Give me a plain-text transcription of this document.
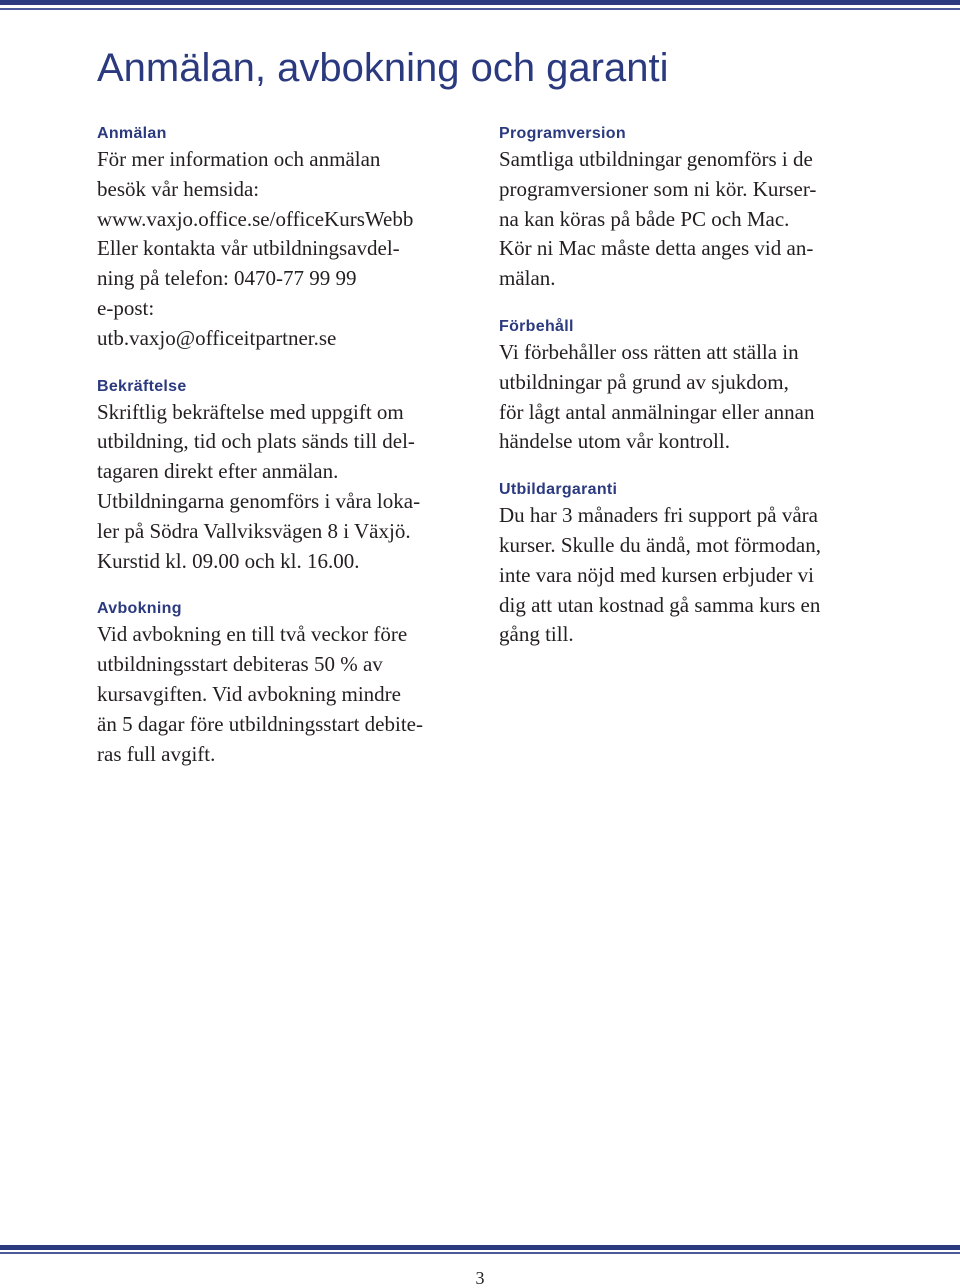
Anmälan, avbokning och garanti
Anmälan
För mer information och anmälan
besök vår hemsida:
www.vaxjo.office.se/officeKursWebb
Eller kontakta vår utbildningsavdel-
ning på telefon: 0470-77 99 99
e-post:
utb.vaxjo@officeitpartner.se
Bekräftelse
Skriftlig bekräftelse med uppgift om
utbildning, tid och plats sänds till del-
tagaren direkt efter anmälan.
Utbildningarna genomförs i våra loka-
ler på Södra Vallviksvägen 8 i Växjö.
Kurstid kl. 09.00 och kl. 16.00.
Avbokning
Vid avbokning en till två veckor före
utbildningsstart debiteras 50 % av
kursavgiften. Vid avbokning mindre
än 5 dagar före utbildningsstart debite-
ras full avgift.
Programversion
Samtliga utbildningar genomförs i de
programversioner som ni kör. Kurser-
na kan köras på både PC och Mac.
Kör ni Mac måste detta anges vid an-
mälan.
Förbehåll
Vi förbehåller oss rätten att ställa in
utbildningar på grund av sjukdom,
för lågt antal anmälningar eller annan
händelse utom vår kontroll.
Utbildargaranti
Du har 3 månaders fri support på våra
kurser. Skulle du ändå, mot förmodan,
inte vara nöjd med kursen erbjuder vi
dig att utan kostnad gå samma kurs en
gång till.
3
